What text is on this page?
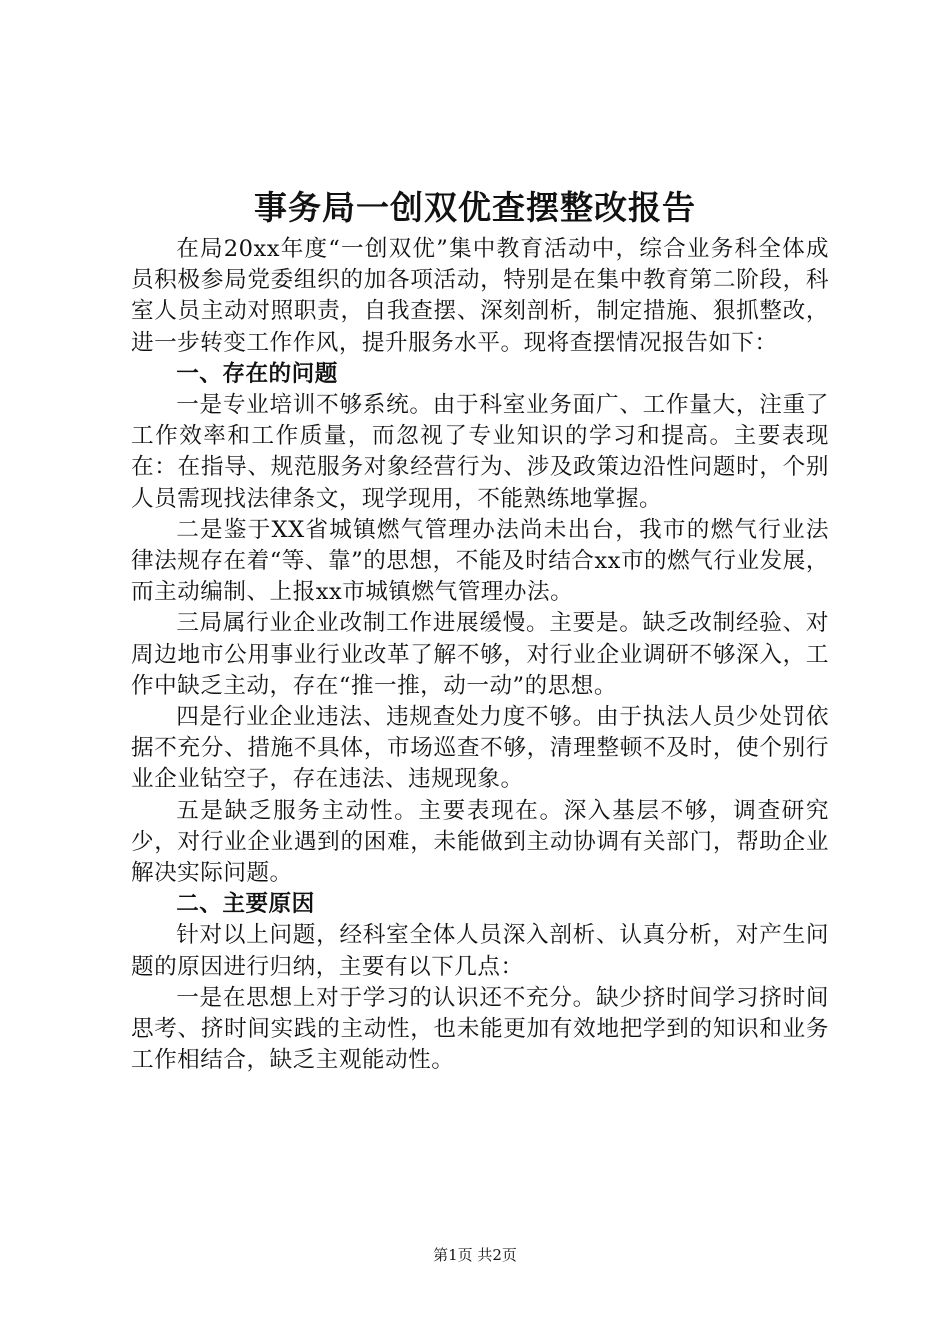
事务局一创双优查摆整改报告

在局20xx年度“一创双优”集中教育活动中，综合业务科全体成员积极参局党委组织的加各项活动，特别是在集中教育第二阶段，科室人员主动对照职责，自我查摆、深刻剖析，制定措施、狠抓整改，进一步转变工作作风，提升服务水平。现将查摆情况报告如下：

一、存在的问题

一是专业培训不够系统。由于科室业务面广、工作量大，注重了工作效率和工作质量，而忽视了专业知识的学习和提高。主要表现在：在指导、规范服务对象经营行为、涉及政策边沿性问题时，个别人员需现找法律条文，现学现用，不能熟练地掌握。

二是鉴于XX省城镇燃气管理办法尚未出台，我市的燃气行业法律法规存在着“等、靠”的思想，不能及时结合xx市的燃气行业发展，而主动编制、上报xx市城镇燃气管理办法。

三局属行业企业改制工作进展缓慢。主要是。缺乏改制经验、对周边地市公用事业行业改革了解不够，对行业企业调研不够深入，工作中缺乏主动，存在“推一推，动一动”的思想。

四是行业企业违法、违规查处力度不够。由于执法人员少处罚依据不充分、措施不具体，市场巡查不够，清理整顿不及时，使个别行业企业钻空子，存在违法、违规现象。

五是缺乏服务主动性。主要表现在。深入基层不够，调查研究少，对行业企业遇到的困难，未能做到主动协调有关部门，帮助企业解决实际问题。

二、主要原因

针对以上问题，经科室全体人员深入剖析、认真分析，对产生问题的原因进行归纳，主要有以下几点：

一是在思想上对于学习的认识还不充分。缺少挤时间学习挤时间思考、挤时间实践的主动性，也未能更加有效地把学到的知识和业务工作相结合，缺乏主观能动性。

第1页 共2页
